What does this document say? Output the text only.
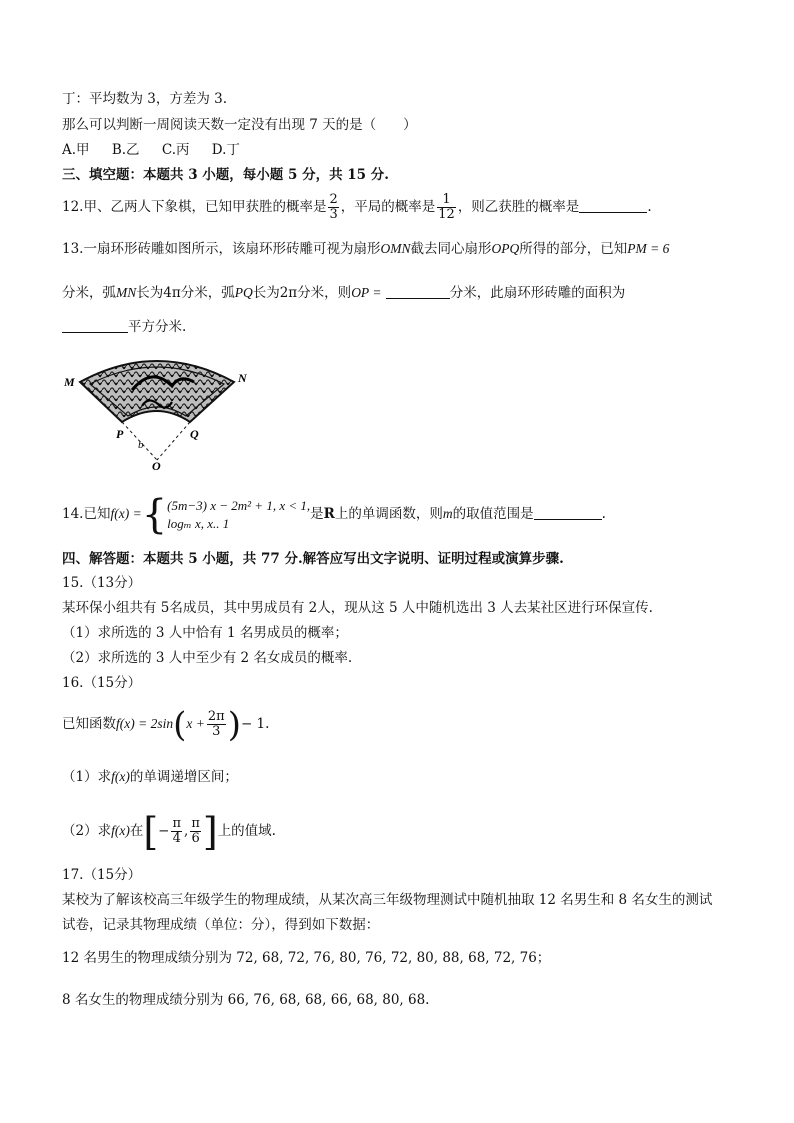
丁：平均数为 3，方差为 3.
那么可以判断一周阅读天数一定没有出现 7 天的是（　　）
A.甲 B.乙 C.丙 D.丁
三、填空题：本题共 3 小题，每小题 5 分，共 15 分.
12.甲、乙两人下象棋，已知甲获胜的概率是 $\frac{2}{3}$ ，平局的概率是 $\frac{1}{12}$ ，则乙获胜的概率是	.
13.一扇环形砖雕如图所示，该扇环形砖雕可视为扇形OMN截去同心扇形OPQ所得的部分，已知PM = 6
分米，弧MN长为4π分米，弧PQ长为2π分米，则OP =	分米，此扇环形砖雕的面积为
平方分米.
M	N
P	Q
b
O
14.已知f(x) ={ (5m−3) x − 2m² + 1, x < 1,
logₘ x, x.. 1
是R上的单调函数，则m的取值范围是	.
四、解答题：本题共 5 小题，共 77 分.解答应写出文字说明、证明过程或演算步骤.
15.（13分）
某环保小组共有 5名成员，其中男成员有 2人，现从这 5 人中随机选出 3 人去某社区进行环保宣传.
（1）求所选的 3 人中恰有 1 名男成员的概率；
（2）求所选的 3 人中至少有 2 名女成员的概率.
16.（15分）
已知函数$f(x) = 2\sin(x + \frac{2\pi}{3}$ )− 1.
（1）求f(x)的单调递增区间；
（2）求f(x)在[− $\frac{\pi}{4}$ , $\frac{\pi}{6}$ ]上的值域.
17.（15分）
某校为了解该校高三年级学生的物理成绩，从某次高三年级物理测试中随机抽取 12 名男生和 8 名女生的测试
试卷，记录其物理成绩（单位：分），得到如下数据：
12 名男生的物理成绩分别为 72, 68, 72, 76, 80, 76, 72, 80, 88, 68, 72, 76；
8 名女生的物理成绩分别为 66, 76, 68, 68, 66, 68, 80, 68.
